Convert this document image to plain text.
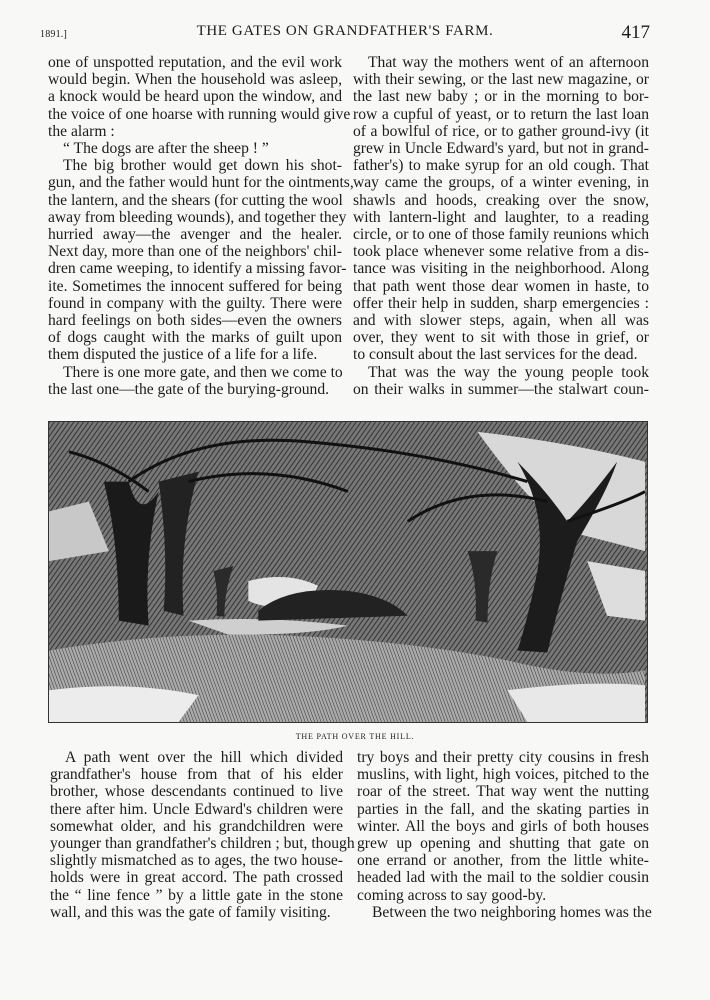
1891.]	THE GATES ON GRANDFATHER'S FARM.	417
one of unspotted reputation, and the evil work
would begin. When the household was asleep,
a knock would be heard upon the window, and
the voice of one hoarse with running would give
the alarm :
“ The dogs are after the sheep ! ”
The big brother would get down his shot-
gun, and the father would hunt for the ointments,
the lantern, and the shears (for cutting the wool
away from bleeding wounds), and together they
hurried away—the avenger and the healer.
Next day, more than one of the neighbors' chil-
dren came weeping, to identify a missing favor-
ite. Sometimes the innocent suffered for being
found in company with the guilty. There were
hard feelings on both sides—even the owners
of dogs caught with the marks of guilt upon
them disputed the justice of a life for a life.
There is one more gate, and then we come to
the last one—the gate of the burying-ground.
That way the mothers went of an afternoon
with their sewing, or the last new magazine, or
the last new baby ; or in the morning to bor-
row a cupful of yeast, or to return the last loan
of a bowlful of rice, or to gather ground-ivy (it
grew in Uncle Edward's yard, but not in grand-
father's) to make syrup for an old cough. That
way came the groups, of a winter evening, in
shawls and hoods, creaking over the snow,
with lantern-light and laughter, to a reading
circle, or to one of those family reunions which
took place whenever some relative from a dis-
tance was visiting in the neighborhood. Along
that path went those dear women in haste, to
offer their help in sudden, sharp emergencies :
and with slower steps, again, when all was
over, they went to sit with those in grief, or
to consult about the last services for the dead.
That was the way the young people took
on their walks in summer—the stalwart coun-
THE PATH OVER THE HILL.
A path went over the hill which divided
grandfather's house from that of his elder
brother, whose descendants continued to live
there after him. Uncle Edward's children were
somewhat older, and his grandchildren were
younger than grandfather's children ; but, though
slightly mismatched as to ages, the two house-
holds were in great accord. The path crossed
the “ line fence ” by a little gate in the stone
wall, and this was the gate of family visiting.
try boys and their pretty city cousins in fresh
muslins, with light, high voices, pitched to the
roar of the street. That way went the nutting
parties in the fall, and the skating parties in
winter. All the boys and girls of both houses
grew up opening and shutting that gate on
one errand or another, from the little white-
headed lad with the mail to the soldier cousin
coming across to say good-by.
Between the two neighboring homes was the
